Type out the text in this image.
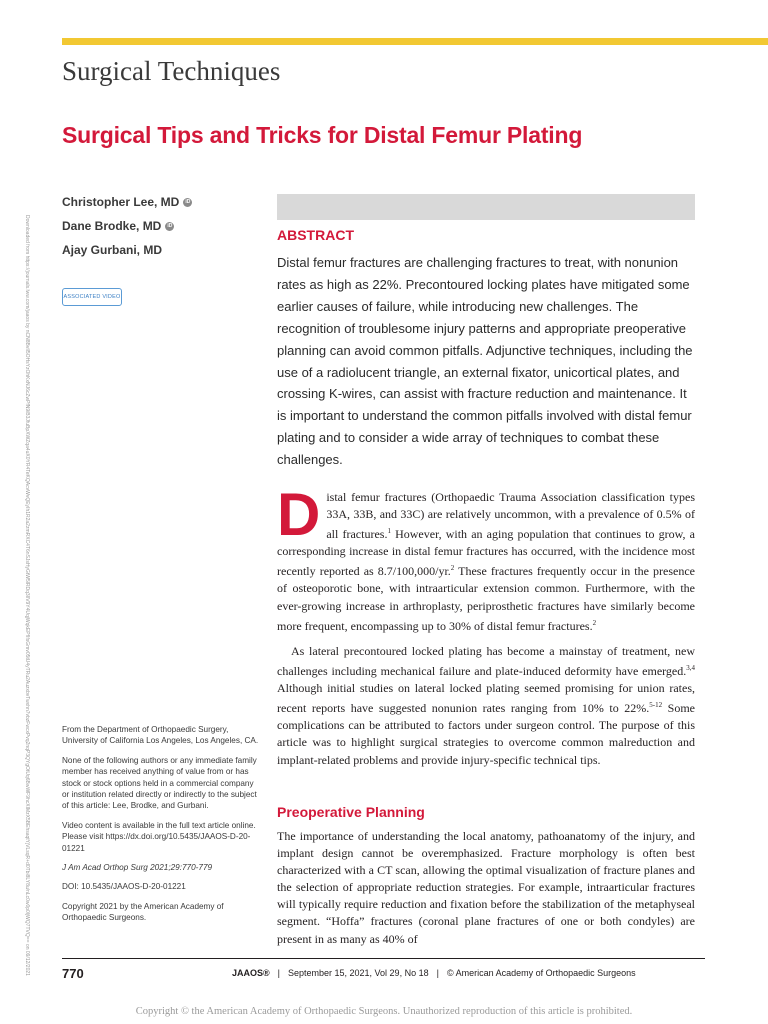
Surgical Techniques
Surgical Tips and Tricks for Distal Femur Plating
Christopher Lee, MD	iD
Dane Brodke, MD	iD
Ajay Gurbani, MD
ASSOCIATED VIDEO
Downloaded from https://journals.lww.com/jaaos by nCN8BvIl5OHsYzOhKxNJ6cZwPfN9iB3JfuBpXWZqa4uX0YR4TeKQAcvWvQEyIh1R2a2zmRXC4T6nSJsHyGtW5lRDq3IlV9Y4UqjWqkEPfIfsGmv05tU4yTRu2AuzxbvTwxhn7vbzFwcxPvq2nqP3QYgOtUq6BwWF9hcXIMzX5BEhsaqtYjVLsqR+d0Tbi8LY8u/nLc0w0p0ljWQ7TVQ== on 09/12/2021	ABSTRACT

Distal femur fractures are challenging fractures to treat, with nonunion rates as high as 22%. Precontoured locking plates have mitigated some earlier causes of failure, while introducing new challenges. The recognition of troublesome injury patterns and appropriate preoperative planning can avoid common pitfalls. Adjunctive techniques, including the use of a radiolucent triangle, an external fixator, unicortical plates, and crossing K-wires, can assist with fracture reduction and maintenance. It is important to understand the common pitfalls involved with distal femur plating and to consider a wide array of techniques to combat these challenges.

Distal femur fractures (Orthopaedic Trauma Association classification types 33A, 33B, and 33C) are relatively uncommon, with a prevalence of 0.5% of all fractures.$^1$ However, with an aging population that continues to grow, a corresponding increase in distal femur fractures has occurred, with the incidence most recently reported as 8.7/100,000/yr.$^2$ These fractures frequently occur in the presence of osteoporotic bone, with intraarticular extension common. Furthermore, with the ever-growing increase in arthroplasty, periprosthetic fractures have similarly become more frequent, encompassing up to 30% of distal femur fractures.$^2$

As lateral precontoured locked plating has become a mainstay of treatment, new challenges including mechanical failure and plate-induced deformity have emerged.$^{3,4}$ Although initial studies on lateral locked plating seemed promising for union rates, recent reports have suggested nonunion rates ranging from 10% to 22%.$^{5-12}$ Some complications can be attributed to factors under surgeon control. The purpose of this article was to highlight surgical strategies to overcome common malreduction and implant-related problems and provide injury-specific technical tips.

Preoperative Planning

The importance of understanding the local anatomy, pathoanatomy of the injury, and implant design cannot be overemphasized. Fracture morphology is often best characterized with a CT scan, allowing the optimal visualization of fracture planes and the selection of appropriate reduction strategies. For example, intraarticular fractures will typically require reduction and fixation before the stabilization of the metaphyseal segment. “Hoffa” fractures (coronal plane fractures of one or both condyles) are present in as many as 40% of

From the Department of Orthopaedic Surgery, University of California Los Angeles, Los Angeles, CA.

None of the following authors or any immediate family member has received anything of value from or has stock or stock options held in a commercial company or institution related directly or indirectly to the subject of this article: Lee, Brodke, and Gurbani.

Video content is available in the full text article online. Please visit https://dx.doi.org/10.5435/JAAOS-D-20-01221

J Am Acad Orthop Surg 2021;29:770-779

DOI: 10.5435/JAAOS-D-20-01221

Copyright 2021 by the American Academy of Orthopaedic Surgeons.

770	JAAOS® | September 15, 2021, Vol 29, No 18 | © American Academy of Orthopaedic Surgeons
Copyright © the American Academy of Orthopaedic Surgeons. Unauthorized reproduction of this article is prohibited.
